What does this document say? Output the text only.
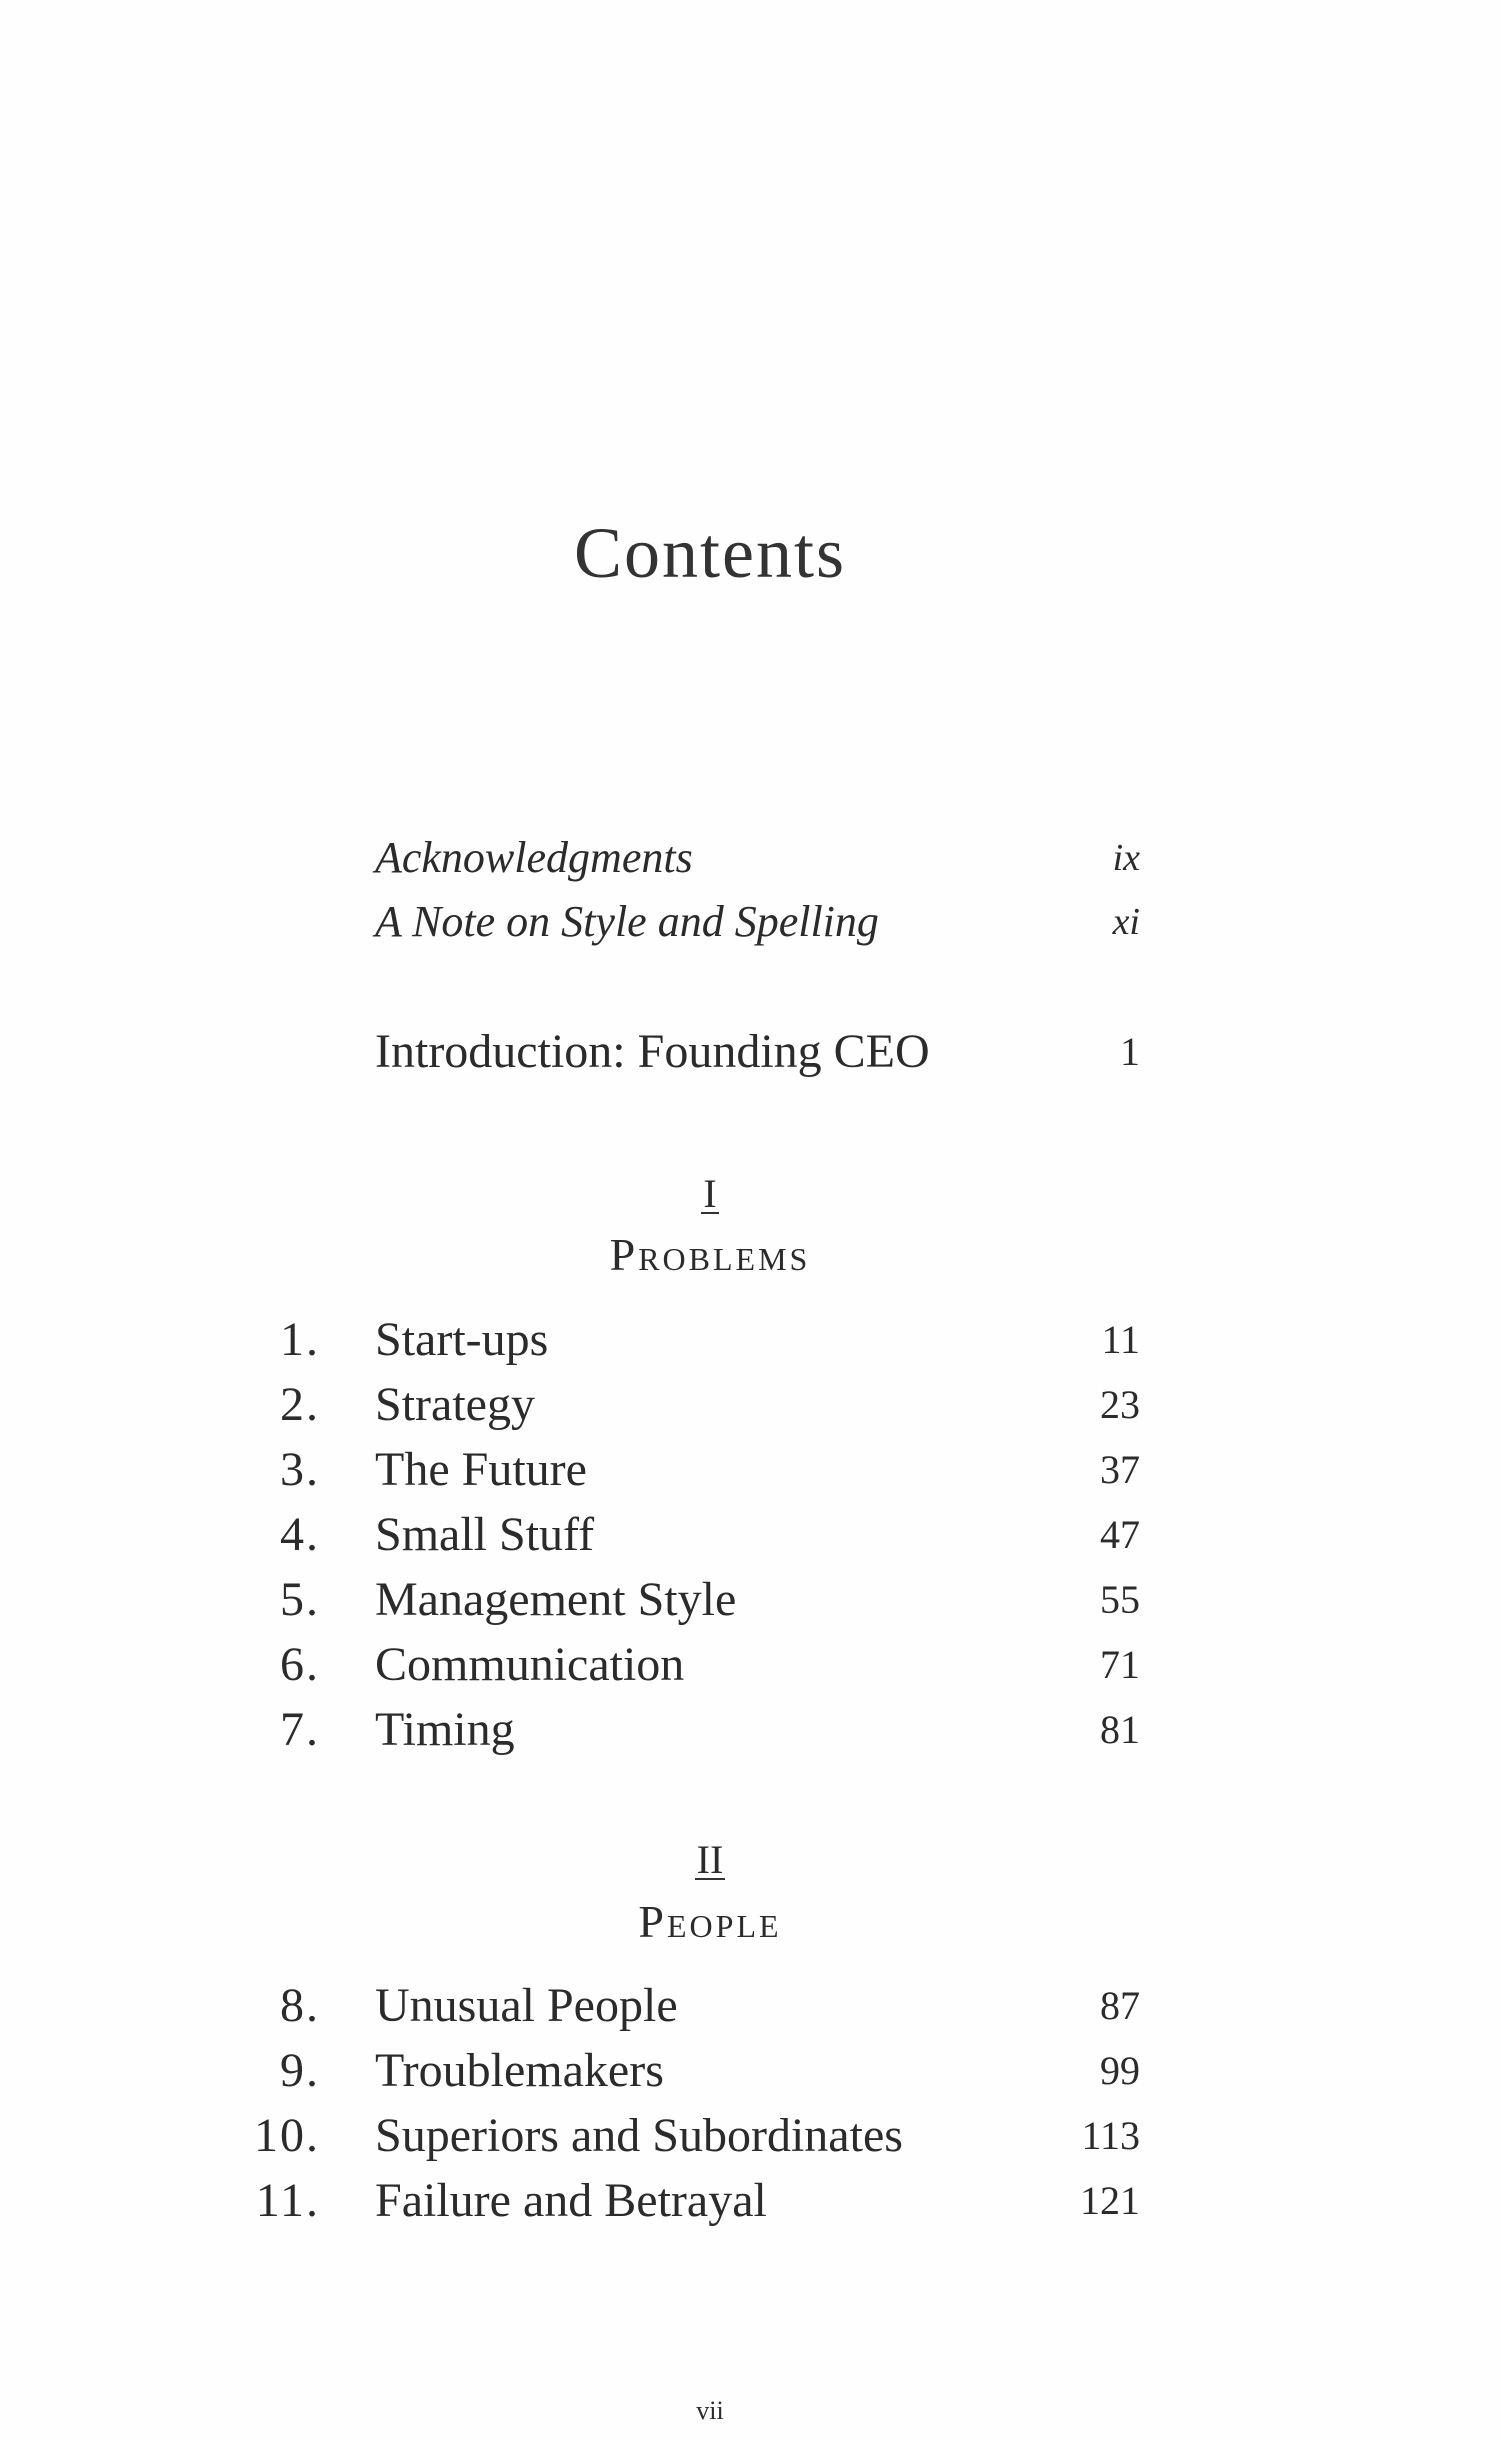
Contents
Acknowledgments	ix
A Note on Style and Spelling	xi
Introduction: Founding CEO	1
I
Problems
1. Start-ups	11
2. Strategy	23
3. The Future	37
4. Small Stuff	47
5. Management Style	55
6. Communication	71
7. Timing	81
II
People
8. Unusual People	87
9. Troublemakers	99
10. Superiors and Subordinates	113
11. Failure and Betrayal	121
vii
